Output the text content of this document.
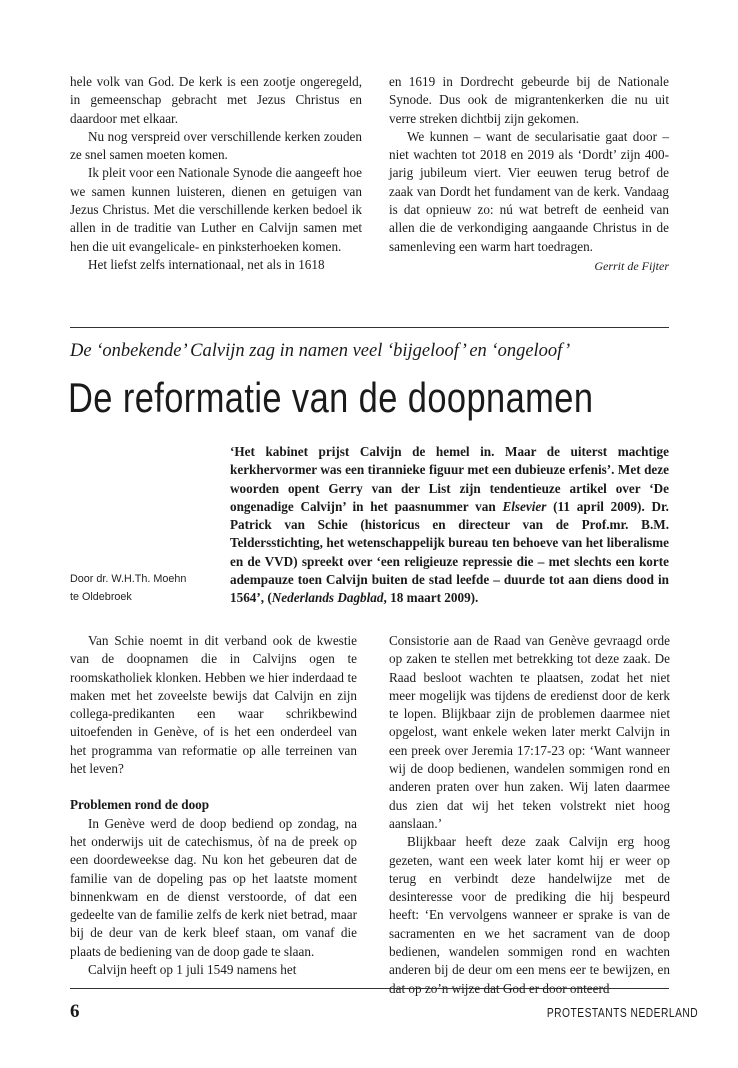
hele volk van God. De kerk is een zootje ongeregeld, in gemeenschap gebracht met Jezus Christus en daardoor met elkaar.

Nu nog verspreid over verschillende kerken zouden ze snel samen moeten komen.

Ik pleit voor een Nationale Synode die aangeeft hoe we samen kunnen luisteren, dienen en getuigen van Jezus Christus. Met die verschillende kerken bedoel ik allen in de traditie van Luther en Calvijn samen met hen die uit evangelicale- en pinksterhoeken komen.

Het liefst zelfs internationaal, net als in 1618

en 1619 in Dordrecht gebeurde bij de Nationale Synode. Dus ook de migrantenkerken die nu uit verre streken dichtbij zijn gekomen.

We kunnen – want de secularisatie gaat door – niet wachten tot 2018 en 2019 als ‘Dordt’ zijn 400-jarig jubileum viert. Vier eeuwen terug betrof de zaak van Dordt het fundament van de kerk. Vandaag is dat opnieuw zo: nú wat betreft de eenheid van allen die de verkondiging aangaande Christus in de samenleving een warm hart toedragen.

Gerrit de Fijter

De ‘onbekende’ Calvijn zag in namen veel ‘bijgeloof’ en ‘ongeloof’
De reformatie van de doopnamen
‘Het kabinet prijst Calvijn de hemel in. Maar de uiterst machtige kerkhervormer was een tirannieke figuur met een dubieuze erfenis’. Met deze woorden opent Gerry van der List zijn tendentieuze artikel over ‘De ongenadige Calvijn’ in het paasnummer van Elsevier (11 april 2009). Dr. Patrick van Schie (historicus en directeur van de Prof.mr. B.M. Teldersstichting, het wetenschappelijk bureau ten behoeve van het liberalisme en de VVD) spreekt over ‘een religieuze repressie die – met slechts een korte adempauze toen Calvijn buiten de stad leefde – duurde tot aan diens dood in 1564’, (Nederlands Dagblad, 18 maart 2009).
Door dr. W.H.Th. Moehn
te Oldebroek

Van Schie noemt in dit verband ook de kwestie van de doopnamen die in Calvijns ogen te roomskatholiek klonken. Hebben we hier inderdaad te maken met het zoveelste bewijs dat Calvijn en zijn collega-predikanten een waar schrikbewind uitoefenden in Genève, of is het een onderdeel van het programma van reformatie op alle terreinen van het leven?

Problemen rond de doop

In Genève werd de doop bediend op zondag, na het onderwijs uit de catechismus, òf na de preek op een doordeweekse dag. Nu kon het gebeuren dat de familie van de dopeling pas op het laatste moment binnenkwam en de dienst verstoorde, of dat een gedeelte van de familie zelfs de kerk niet betrad, maar bij de deur van de kerk bleef staan, om vanaf die plaats de bediening van de doop gade te slaan.

Calvijn heeft op 1 juli 1549 namens het

Consistorie aan de Raad van Genève gevraagd orde op zaken te stellen met betrekking tot deze zaak. De Raad besloot wachten te plaatsen, zodat het niet meer mogelijk was tijdens de eredienst door de kerk te lopen. Blijkbaar zijn de problemen daarmee niet opgelost, want enkele weken later merkt Calvijn in een preek over Jeremia 17:17-23 op: ‘Want wanneer wij de doop bedienen, wandelen sommigen rond en anderen praten over hun zaken. Wij laten daarmee dus zien dat wij het teken volstrekt niet hoog aanslaan.’

Blijkbaar heeft deze zaak Calvijn erg hoog gezeten, want een week later komt hij er weer op terug en verbindt deze handelwijze met de desinteresse voor de prediking die hij bespeurd heeft: ‘En vervolgens wanneer er sprake is van de sacramenten en we het sacrament van de doop bedienen, wandelen sommigen rond en wachten anderen bij de deur om een mens eer te bewijzen, en dat op zo’n wijze dat God er door onteerd

6	PROTESTANTS NEDERLAND
